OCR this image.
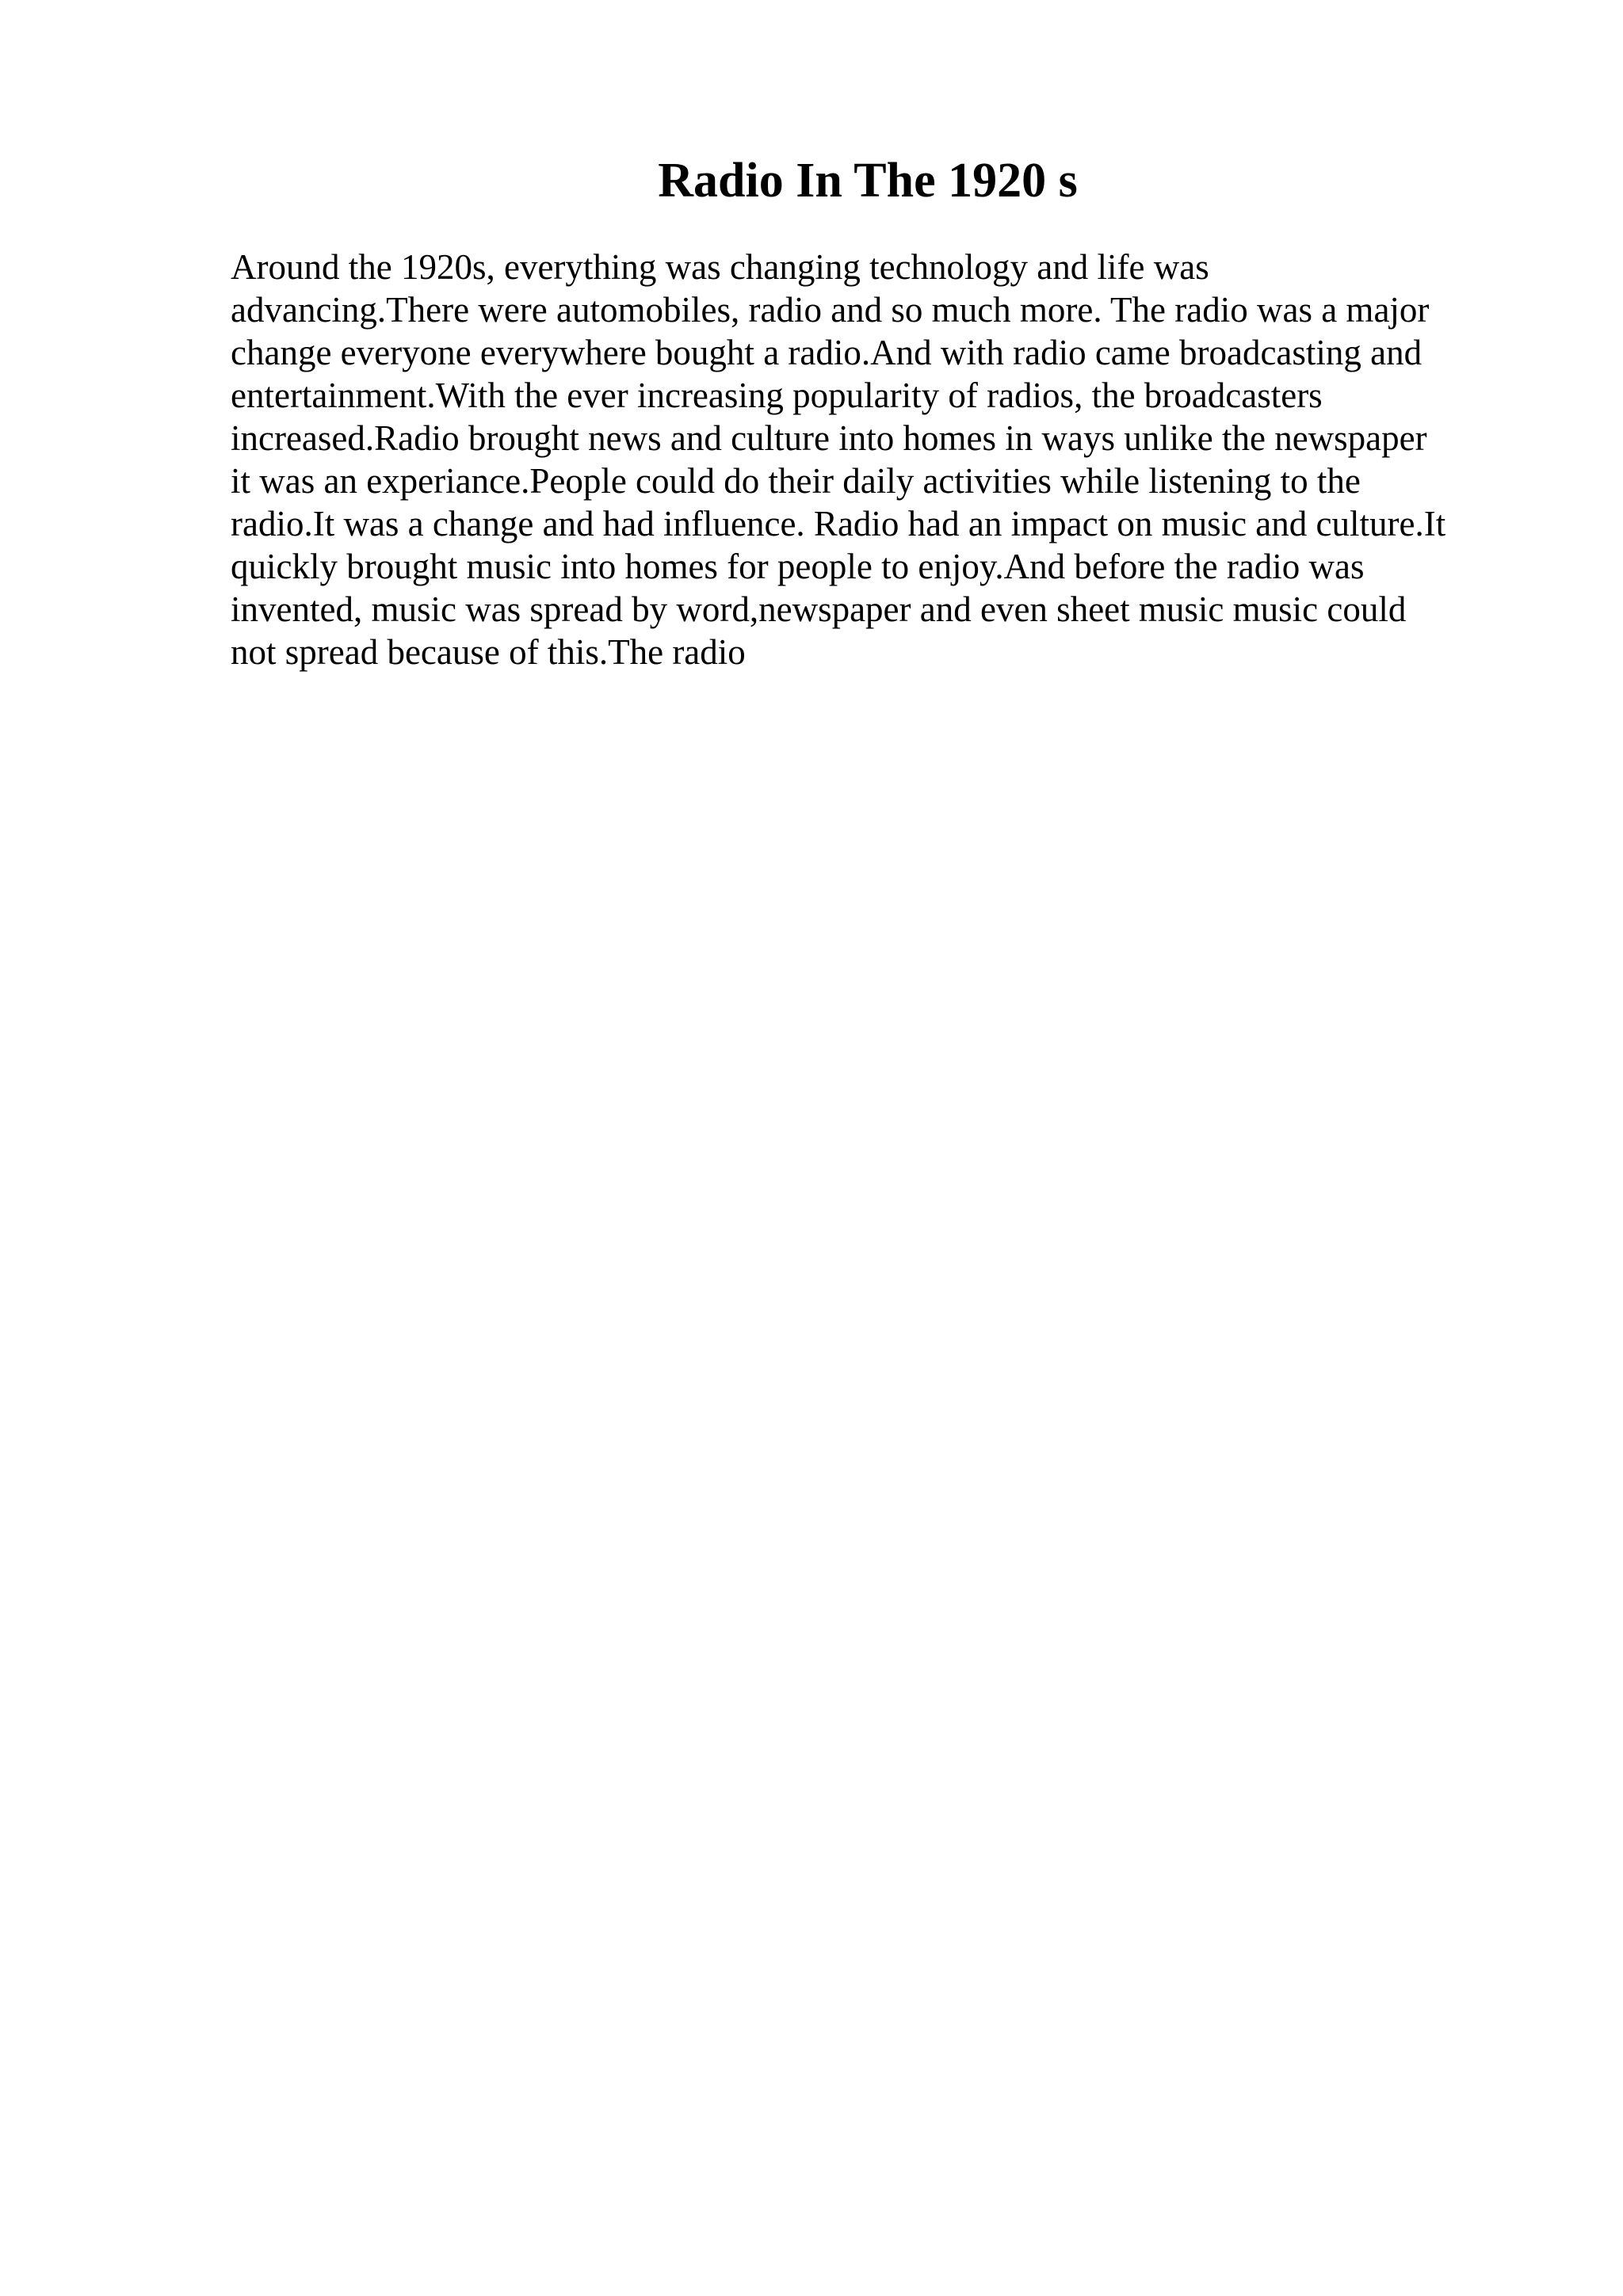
Radio In The 1920 s
Around the 1920s, everything was changing technology and life was
advancing.There were automobiles, radio and so much more. The radio was a major
change everyone everywhere bought a radio.And with radio came broadcasting and
entertainment.With the ever increasing popularity of radios, the broadcasters
increased.Radio brought news and culture into homes in ways unlike the newspaper
it was an experiance.People could do their daily activities while listening to the
radio.It was a change and had influence. Radio had an impact on music and culture.It
quickly brought music into homes for people to enjoy.And before the radio was
invented, music was spread by word,newspaper and even sheet music music could
not spread because of this.The radio
